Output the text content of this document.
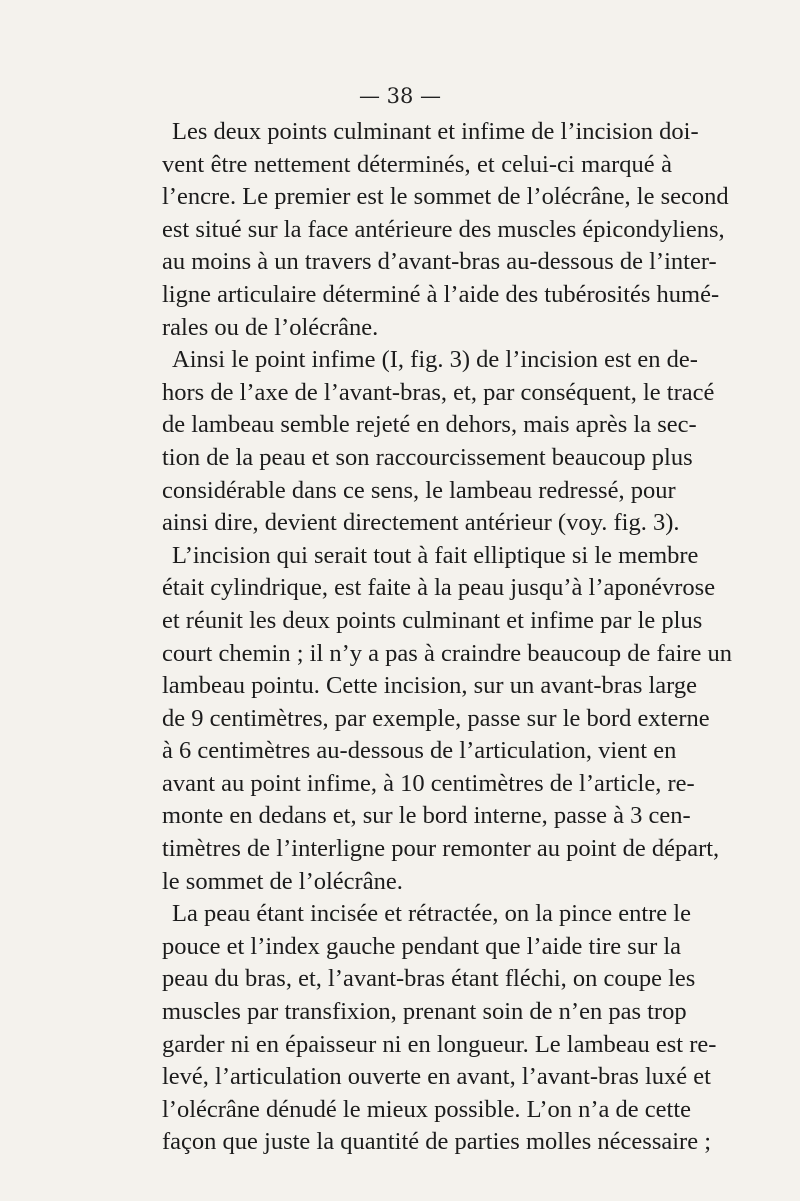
— 38 —

Les deux points culminant et infime de l’incision doi-
vent être nettement déterminés, et celui-ci marqué à
l’encre. Le premier est le sommet de l’olécrâne, le second
est situé sur la face antérieure des muscles épicondyliens,
au moins à un travers d’avant-bras au-dessous de l’inter-
ligne articulaire déterminé à l’aide des tubérosités humé-
rales ou de l’olécrâne.

Ainsi le point infime (I, fig. 3) de l’incision est en de-
hors de l’axe de l’avant-bras, et, par conséquent, le tracé
de lambeau semble rejeté en dehors, mais après la sec-
tion de la peau et son raccourcissement beaucoup plus
considérable dans ce sens, le lambeau redressé, pour
ainsi dire, devient directement antérieur (voy. fig. 3).

L’incision qui serait tout à fait elliptique si le membre
était cylindrique, est faite à la peau jusqu’à l’aponévrose
et réunit les deux points culminant et infime par le plus
court chemin ; il n’y a pas à craindre beaucoup de faire un
lambeau pointu. Cette incision, sur un avant-bras large
de 9 centimètres, par exemple, passe sur le bord externe
à 6 centimètres au-dessous de l’articulation, vient en
avant au point infime, à 10 centimètres de l’article, re-
monte en dedans et, sur le bord interne, passe à 3 cen-
timètres de l’interligne pour remonter au point de départ,
le sommet de l’olécrâne.

La peau étant incisée et rétractée, on la pince entre le
pouce et l’index gauche pendant que l’aide tire sur la
peau du bras, et, l’avant-bras étant fléchi, on coupe les
muscles par transfixion, prenant soin de n’en pas trop
garder ni en épaisseur ni en longueur. Le lambeau est re-
levé, l’articulation ouverte en avant, l’avant-bras luxé et
l’olécrâne dénudé le mieux possible. L’on n’a de cette
façon que juste la quantité de parties molles nécessaire ;
